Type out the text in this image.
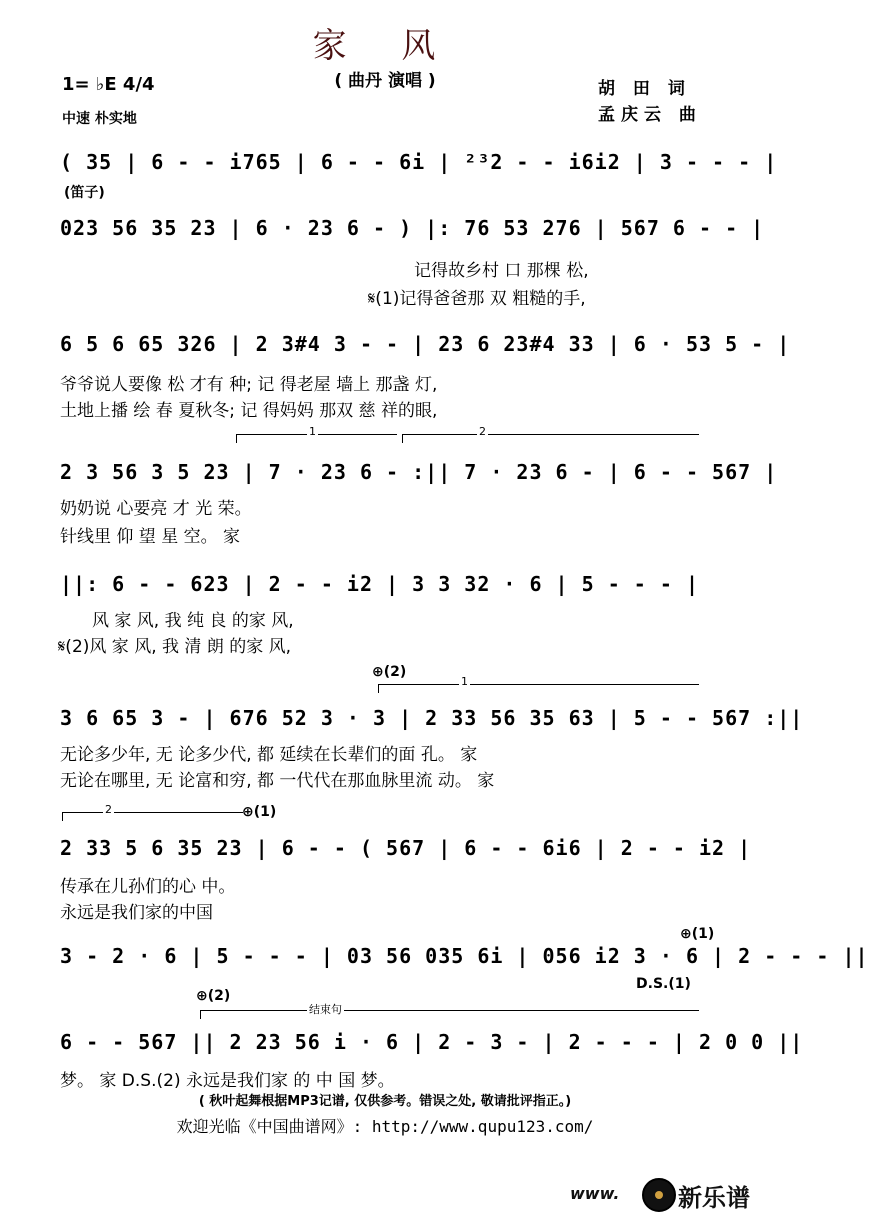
家 风
( 曲丹 演唱 )
1= ♭E 4/4
中速 朴实地
胡 田 词
孟庆云 曲
( 35 | 6 - - i765 | 6 - - 6i | ²³2 - - i6i2 | 3 - - - |
(笛子)
023 56 35 23 | 6 · 23 6 - ) |: 76 53 276 | 567 6 - - |
记得故乡村 口 那棵 松,
𝄋(1)记得爸爸那 双 粗糙的手,
6 5 6 65 326 | 2 3#4 3 - - | 23 6 23#4 33 | 6 · 53 5 - |
爷爷说人要像 松 才有 种; 记 得老屋 墙上 那盏 灯,
土地上播 绘 春 夏秋冬; 记 得妈妈 那双 慈 祥的眼,
1	2
2 3 56 3 5 23 | 7 · 23 6 - :|| 7 · 23 6 - | 6 - - 567 |
奶奶说 心要亮 才 光 荣。
针线里 仰 望 星 空。 家
||: 6 - - 623 | 2 - - i2 | 3 3 32 · 6 | 5 - - - |
风 家 风, 我 纯 良 的家 风,
𝄋(2)风 家 风, 我 清 朗 的家 风,
⊕(2)
1
3 6 65 3 - | 676 52 3 · 3 | 2 33 56 35 63 | 5 - - 567 :||
无论多少年, 无 论多少代, 都 延续在长辈们的面 孔。 家
无论在哪里, 无 论富和穷, 都 一代代在那血脉里流 动。 家
2	⊕(1)
2 33 5 6 35 23 | 6 - - ( 567 | 6 - - 6i6 | 2 - - i2 |
传承在儿孙们的心 中。
永远是我们家的中国
⊕(1)
3 - 2 · 6 | 5 - - - | 03 56 035 6i | 056 i2 3 · 6 | 2 - - - ||
D.S.(1)
⊕(2)
结束句
6 - - 567 || 2 23 56 i · 6 | 2 - 3 - | 2 - - - | 2 0 0 ||
梦。 家 D.S.(2) 永远是我们家 的 中 国 梦。
( 秋叶起舞根据MP3记谱, 仅供参考。错误之处, 敬请批评指正。)
欢迎光临《中国曲谱网》: http://www.qupu123.com/
www. 新乐谱
